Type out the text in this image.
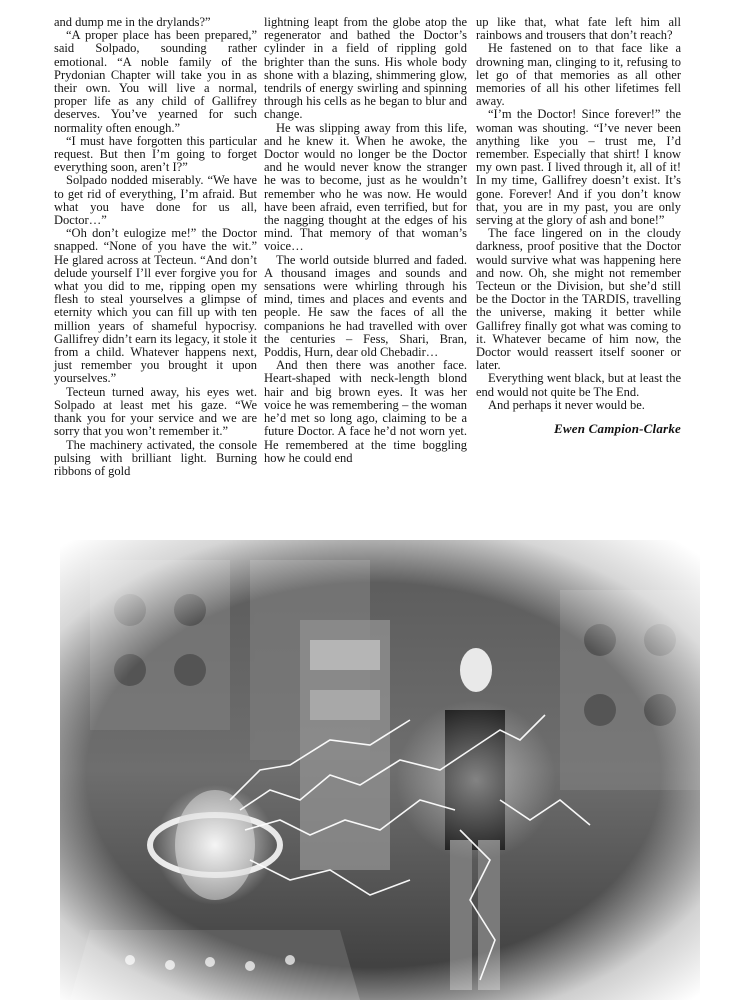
and dump me in the drylands?”

“A proper place has been prepared,” said Solpado, sounding rather emotional. “A noble family of the Prydonian Chapter will take you in as their own. You will live a normal, proper life as any child of Gallifrey deserves. You’ve yearned for such normality often enough.”

“I must have forgotten this particular request. But then I’m going to forget everything soon, aren’t I?”

Solpado nodded miserably. “We have to get rid of everything, I’m afraid. But what you have done for us all, Doctor…”

“Oh don’t eulogize me!” the Doctor snapped. “None of you have the wit.” He glared across at Tecteun. “And don’t delude yourself I’ll ever forgive you for what you did to me, ripping open my flesh to steal yourselves a glimpse of eternity which you can fill up with ten million years of shameful hypocrisy. Gallifrey didn’t earn its legacy, it stole it from a child. Whatever happens next, just remember you brought it upon yourselves.”

Tecteun turned away, his eyes wet. Solpado at least met his gaze. “We thank you for your service and we are sorry that you won’t remember it.”

The machinery activated, the console pulsing with brilliant light. Burning ribbons of gold

lightning leapt from the globe atop the regenerator and bathed the Doctor’s cylinder in a field of rippling gold brighter than the suns. His whole body shone with a blazing, shimmering glow, tendrils of energy swirling and spinning through his cells as he began to blur and change.

He was slipping away from this life, and he knew it. When he awoke, the Doctor would no longer be the Doctor and he would never know the stranger he was to become, just as he wouldn’t remember who he was now. He would have been afraid, even terrified, but for the nagging thought at the edges of his mind. That memory of that woman’s voice…

The world outside blurred and faded. A thousand images and sounds and sensations were whirling through his mind, times and places and events and people. He saw the faces of all the companions he had travelled with over the centuries – Fess, Shari, Bran, Poddis, Hurn, dear old Chebadir…

And then there was another face. Heart-shaped with neck-length blond hair and big brown eyes. It was her voice he was remembering – the woman he’d met so long ago, claiming to be a future Doctor. A face he’d not worn yet. He remembered at the time boggling how he could end

up like that, what fate left him all rainbows and trousers that don’t reach?

He fastened on to that face like a drowning man, clinging to it, refusing to let go of that memories as all other memories of all his other lifetimes fell away.

“I’m the Doctor! Since forever!” the woman was shouting. “I’ve never been anything like you – trust me, I’d remember. Especially that shirt! I know my own past. I lived through it, all of it! In my time, Gallifrey doesn’t exist. It’s gone. Forever! And if you don’t know that, you are in my past, you are only serving at the glory of ash and bone!”

The face lingered on in the cloudy darkness, proof positive that the Doctor would survive what was happening here and now. Oh, she might not remember Tecteun or the Division, but she’d still be the Doctor in the TARDIS, travelling the universe, making it better while Gallifrey finally got what was coming to it. Whatever became of him now, the Doctor would reassert itself sooner or later.

Everything went black, but at least the end would not quite be The End.

And perhaps it never would be.

Ewen Campion-Clarke
